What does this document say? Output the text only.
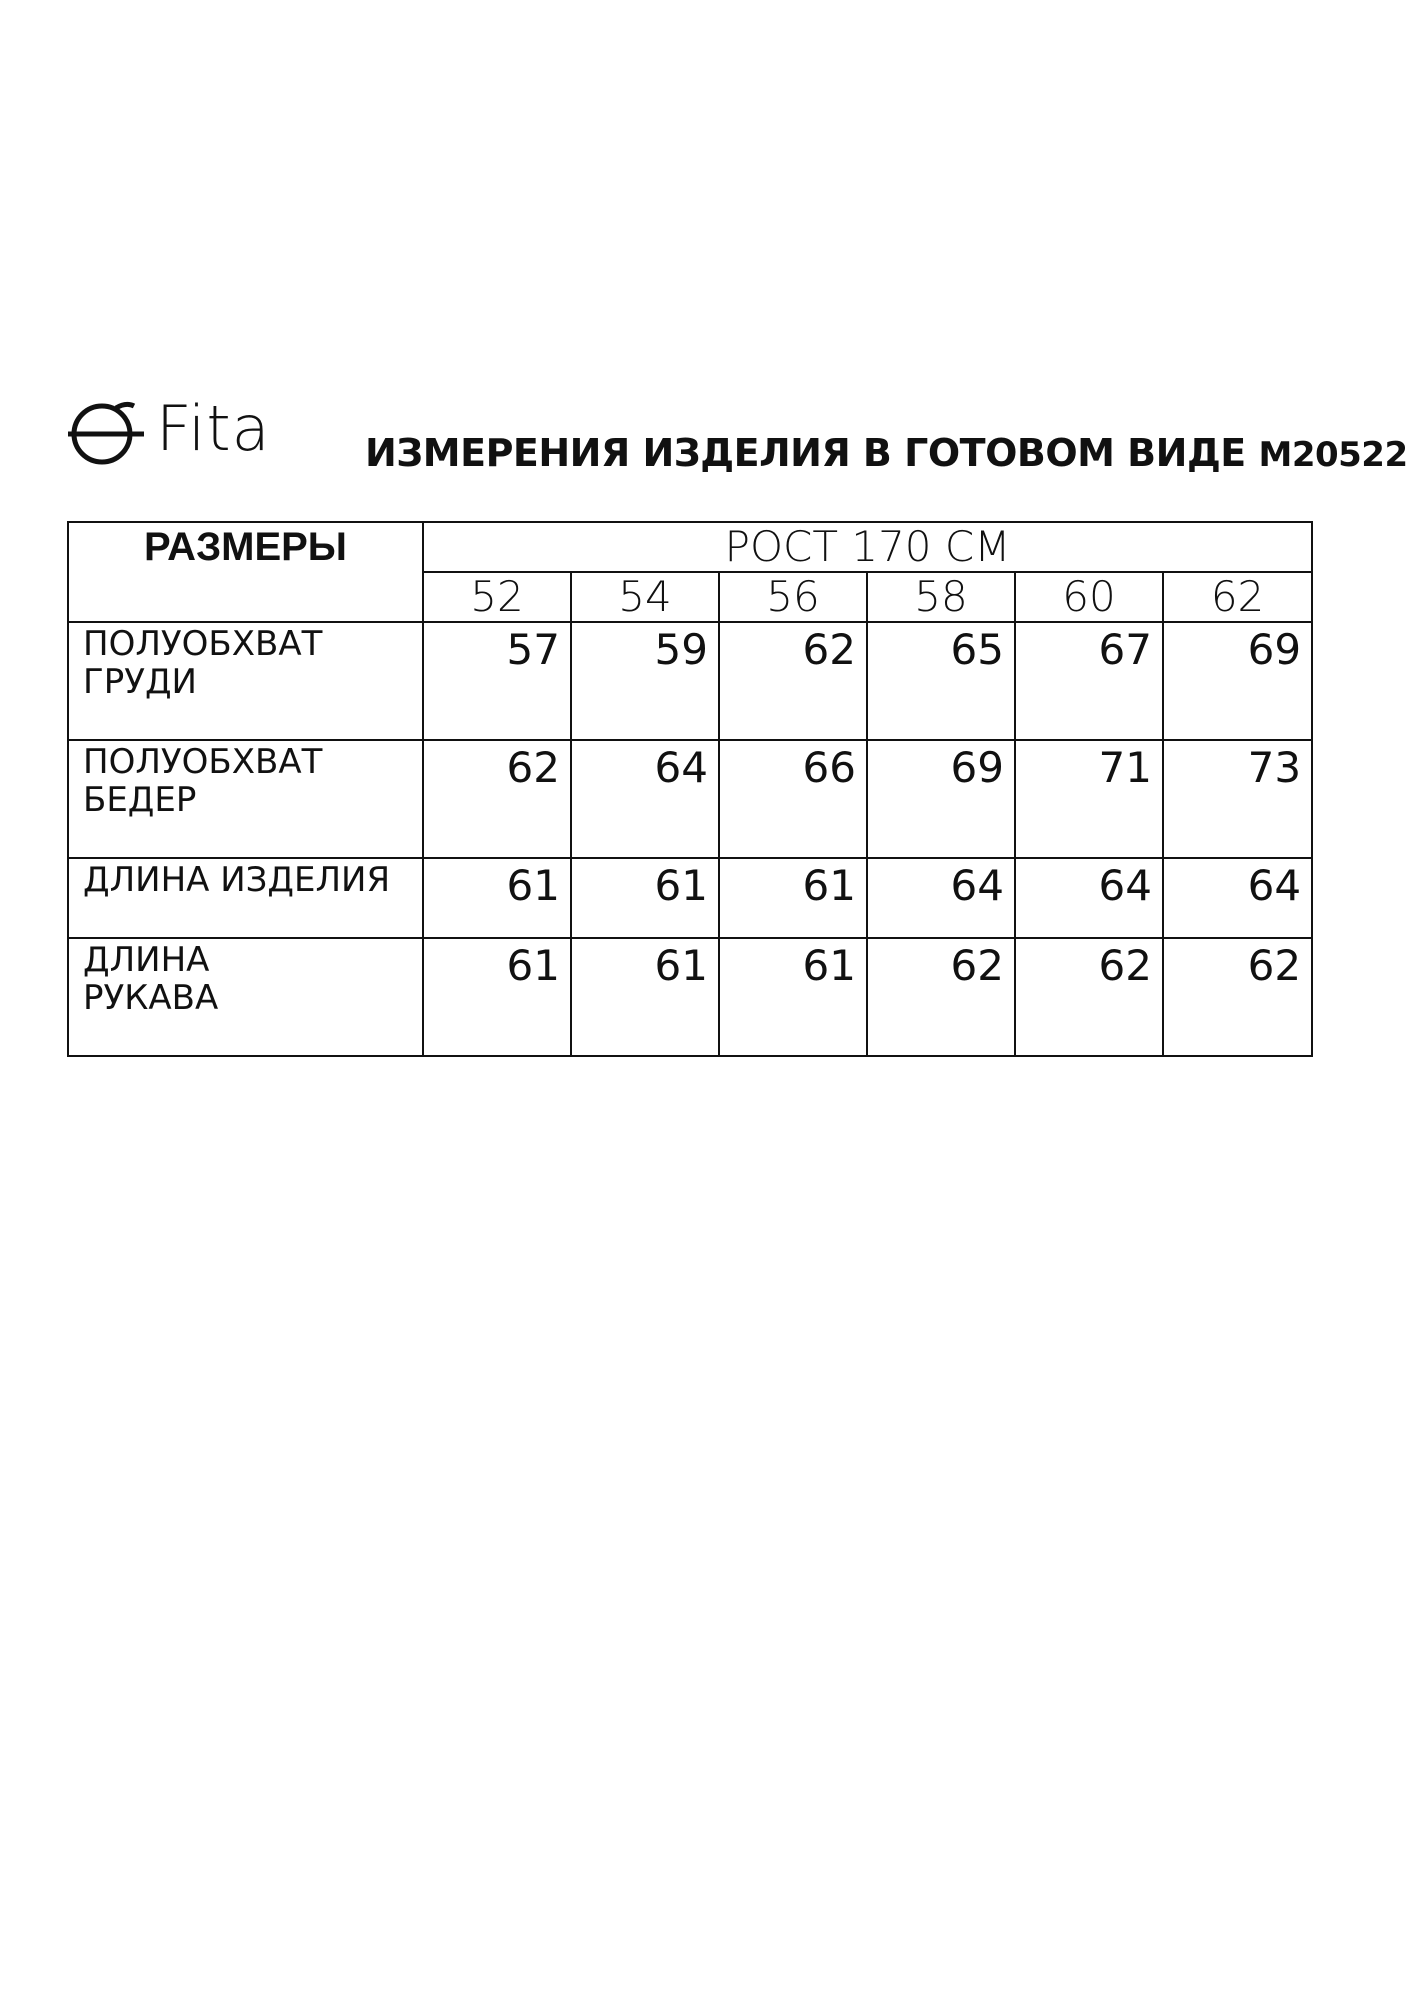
Fita ИЗМЕРЕНИЯ ИЗДЕЛИЯ В ГОТОВОМ ВИДЕ M20522
РАЗМЕРЫ	РОСТ 170 СМ					
	52	54	56	58	60	62

ПОЛУОБХВАТ
ГРУДИ	57	59	62	65	67	69

ПОЛУОБХВАТ
БЕДЕР	62	64	66	69	71	73

ДЛИНА ИЗДЕЛИЯ	61	61	61	64	64	64

ДЛИНА
РУКАВА	61	61	61	62	62	62
